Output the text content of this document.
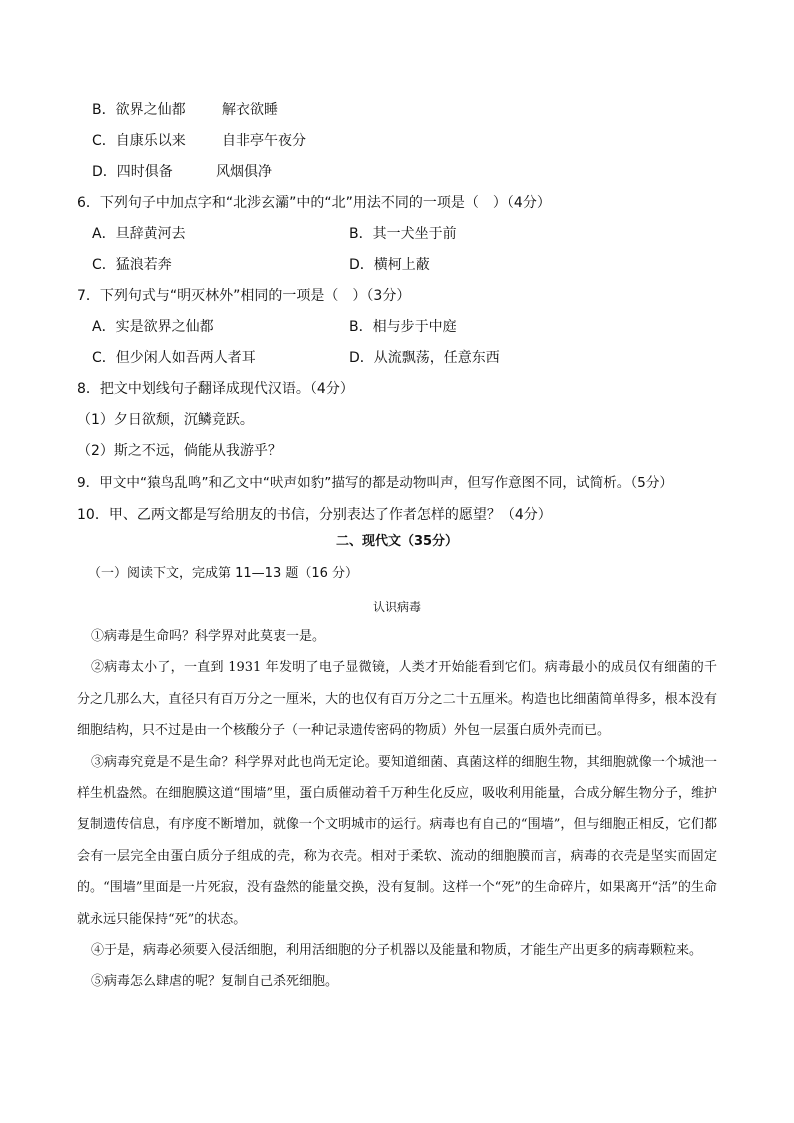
B．欲界之仙都	解衣欲睡
C．自康乐以来	自非亭午夜分
D．四时俱备	风烟俱净
6．下列句子中加点字和“北涉玄灞”中的“北”用法不同的一项是（　）（4分）
A．旦辞黄河去	B．其一犬坐于前
C．猛浪若奔	D．横柯上蔽
7．下列句式与“明灭林外”相同的一项是（　）（3分）
A．实是欲界之仙都	B．相与步于中庭
C．但少闲人如吾两人者耳	D．从流飘荡，任意东西
8．把文中划线句子翻译成现代汉语。（4分）
（1）夕日欲颓，沉鳞竞跃。
（2）斯之不远，倘能从我游乎？
9．甲文中“猿鸟乱鸣”和乙文中“吠声如豹”描写的都是动物叫声，但写作意图不同，试简析。（5分）
10．甲、乙两文都是写给朋友的书信，分别表达了作者怎样的愿望？（4分）
二、现代文（35分）
（一）阅读下文，完成第 11—13 题（16 分）
认识病毒

①病毒是生命吗？科学界对此莫衷一是。

②病毒太小了，一直到 1931 年发明了电子显微镜，人类才开始能看到它们。病毒最小的成员仅有细菌的千分之几那么大，直径只有百万分之一厘米，大的也仅有百万分之二十五厘米。构造也比细菌简单得多，根本没有细胞结构，只不过是由一个核酸分子（一种记录遗传密码的物质）外包一层蛋白质外壳而已。

③病毒究竟是不是生命？科学界对此也尚无定论。要知道细菌、真菌这样的细胞生物，其细胞就像一个城池一样生机盎然。在细胞膜这道“围墙”里，蛋白质催动着千万种生化反应，吸收利用能量，合成分解生物分子，维护复制遗传信息，有序度不断增加，就像一个文明城市的运行。病毒也有自己的“围墙”，但与细胞正相反，它们都会有一层完全由蛋白质分子组成的壳，称为衣壳。相对于柔软、流动的细胞膜而言，病毒的衣壳是坚实而固定的。“围墙”里面是一片死寂，没有盎然的能量交换，没有复制。这样一个“死”的生命碎片，如果离开“活”的生命就永远只能保持“死”的状态。

④于是，病毒必须要入侵活细胞，利用活细胞的分子机器以及能量和物质，才能生产出更多的病毒颗粒来。

⑤病毒怎么肆虐的呢？复制自己杀死细胞。
